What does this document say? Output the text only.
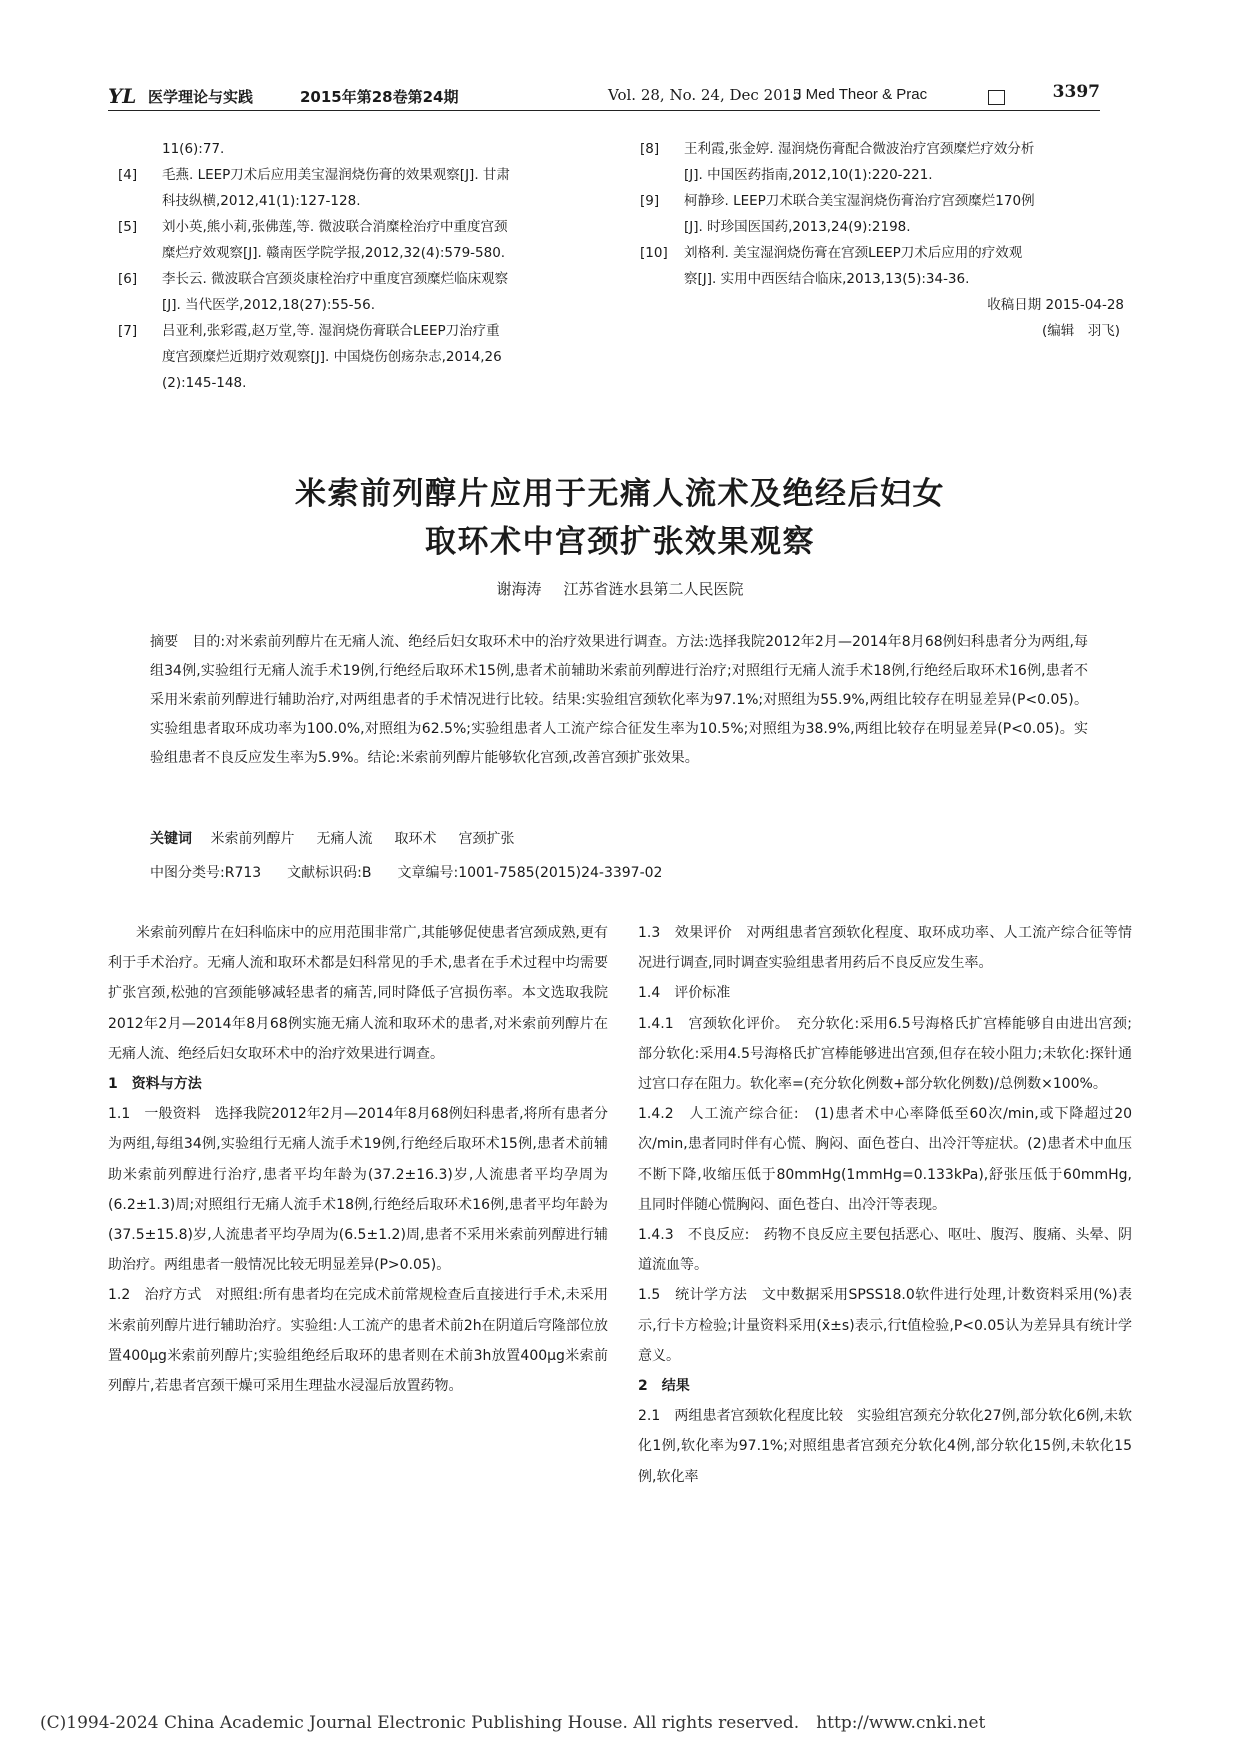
YL 医学理论与实践	2015年第28卷第24期	Vol. 28, No. 24, Dec 2015
J Med Theor & Prac	3397
11(6):77.
[4] 毛燕. LEEP刀术后应用美宝湿润烧伤膏的效果观察[J]. 甘肃
科技纵横,2012,41(1):127-128.
[5] 刘小英,熊小莉,张佛莲,等. 微波联合消糜栓治疗中重度宫颈
糜烂疗效观察[J]. 赣南医学院学报,2012,32(4):579-580.
[6] 李长云. 微波联合宫颈炎康栓治疗中重度宫颈糜烂临床观察
[J]. 当代医学,2012,18(27):55-56.
[7] 吕亚利,张彩霞,赵万堂,等. 湿润烧伤膏联合LEEP刀治疗重
度宫颈糜烂近期疗效观察[J]. 中国烧伤创疡杂志,2014,26
(2):145-148.
[8] 王利霞,张金婷. 湿润烧伤膏配合微波治疗宫颈糜烂疗效分析
[J]. 中国医药指南,2012,10(1):220-221.
[9] 柯静珍. LEEP刀术联合美宝湿润烧伤膏治疗宫颈糜烂170例
[J]. 时珍国医国药,2013,24(9):2198.
[10] 刘格利. 美宝湿润烧伤膏在宫颈LEEP刀术后应用的疗效观
察[J]. 实用中西医结合临床,2013,13(5):34-36.
收稿日期 2015-04-28
(编辑　羽飞)
米索前列醇片应用于无痛人流术及绝经后妇女
取环术中宫颈扩张效果观察
谢海涛 江苏省涟水县第二人民医院
摘要　目的:对米索前列醇片在无痛人流、绝经后妇女取环术中的治疗效果进行调查。方法:选择我院2012年2月—2014年8月68例妇科患者分为两组,每组34例,实验组行无痛人流手术19例,行绝经后取环术15例,患者术前辅助米索前列醇进行治疗;对照组行无痛人流手术18例,行绝经后取环术16例,患者不采用米索前列醇进行辅助治疗,对两组患者的手术情况进行比较。结果:实验组宫颈软化率为97.1%;对照组为55.9%,两组比较存在明显差异(P<0.05)。实验组患者取环成功率为100.0%,对照组为62.5%;实验组患者人工流产综合征发生率为10.5%;对照组为38.9%,两组比较存在明显差异(P<0.05)。实验组患者不良反应发生率为5.9%。结论:米索前列醇片能够软化宫颈,改善宫颈扩张效果。
关键词　 米索前列醇片 无痛人流 取环术 宫颈扩张
中图分类号:R713 文献标识码:B 文章编号:1001-7585(2015)24-3397-02

米索前列醇片在妇科临床中的应用范围非常广,其能够促使患者宫颈成熟,更有利于手术治疗。无痛人流和取环术都是妇科常见的手术,患者在手术过程中均需要扩张宫颈,松弛的宫颈能够减轻患者的痛苦,同时降低子宫损伤率。本文选取我院2012年2月—2014年8月68例实施无痛人流和取环术的患者,对米索前列醇片在无痛人流、绝经后妇女取环术中的治疗效果进行调查。

1　资料与方法

1.1　一般资料　 选择我院2012年2月—2014年8月68例妇科患者,将所有患者分为两组,每组34例,实验组行无痛人流手术19例,行绝经后取环术15例,患者术前辅助米索前列醇进行治疗,患者平均年龄为(37.2±16.3)岁,人流患者平均孕周为(6.2±1.3)周;对照组行无痛人流手术18例,行绝经后取环术16例,患者平均年龄为(37.5±15.8)岁,人流患者平均孕周为(6.5±1.2)周,患者不采用米索前列醇进行辅助治疗。两组患者一般情况比较无明显差异(P>0.05)。

1.2　治疗方式　 对照组:所有患者均在完成术前常规检查后直接进行手术,未采用米索前列醇片进行辅助治疗。实验组:人工流产的患者术前2h在阴道后穹隆部位放置400μg米索前列醇片;实验组绝经后取环的患者则在术前3h放置400μg米索前列醇片,若患者宫颈干燥可采用生理盐水浸湿后放置药物。

1.3　效果评价　 对两组患者宫颈软化程度、取环成功率、人工流产综合征等情况进行调查,同时调查实验组患者用药后不良反应发生率。

1.4　评价标准

1.4.1　宫颈软化评价。　 充分软化:采用6.5号海格氏扩宫棒能够自由进出宫颈;部分软化:采用4.5号海格氏扩宫棒能够进出宫颈,但存在较小阻力;未软化:探针通过宫口存在阻力。软化率=(充分软化例数+部分软化例数)/总例数×100%。

1.4.2　人工流产综合征:　 (1)患者术中心率降低至60次/min,或下降超过20次/min,患者同时伴有心慌、胸闷、面色苍白、出冷汗等症状。(2)患者术中血压不断下降,收缩压低于80mmHg(1mmHg=0.133kPa),舒张压低于60mmHg,且同时伴随心慌胸闷、面色苍白、出冷汗等表现。

1.4.3　不良反应:　 药物不良反应主要包括恶心、呕吐、腹泻、腹痛、头晕、阴道流血等。

1.5　统计学方法　 文中数据采用SPSS18.0软件进行处理,计数资料采用(%)表示,行卡方检验;计量资料采用(x̄±s)表示,行t值检验,P<0.05认为差异具有统计学意义。

2　结果

2.1　两组患者宫颈软化程度比较　 实验组宫颈充分软化27例,部分软化6例,未软化1例,软化率为97.1%;对照组患者宫颈充分软化4例,部分软化15例,未软化15例,软化率

(C)1994-2024 China Academic Journal Electronic Publishing House. All rights reserved.　http://www.cnki.net
